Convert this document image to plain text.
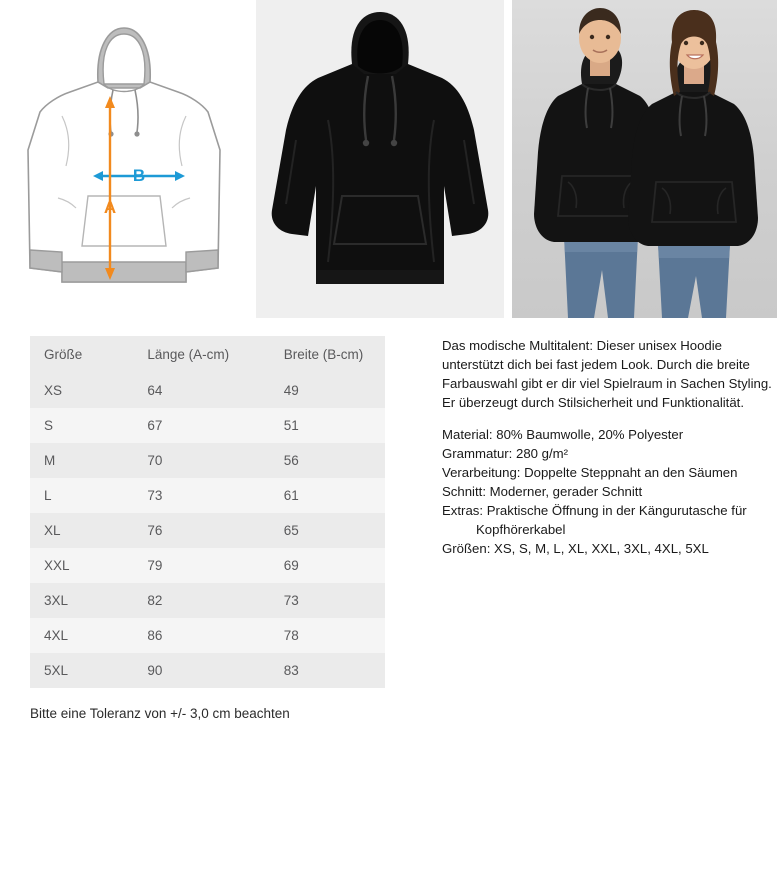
B
A
Größe	Länge (A-cm)	Breite (B-cm)
XS	64	49
S	67	51
M	70	56
L	73	61
XL	76	65
XXL	79	69
3XL	82	73
4XL	86	78
5XL	90	83

Das modische Multitalent: Dieser unisex Hoodie unterstützt dich bei fast jedem Look. Durch die breite Farbauswahl gibt er dir viel Spielraum in Sachen Styling. Er überzeugt durch Stilsicherheit und Funktionalität.

Material: 80% Baumwolle, 20% Polyester
Grammatur: 280 g/m²
Verarbeitung: Doppelte Steppnaht an den Säumen
Schnitt: Moderner, gerader Schnitt
Extras: Praktische Öffnung in der Kängurutasche für
Kopfhörerkabel
Größen: XS, S, M, L, XL, XXL, 3XL, 4XL, 5XL
Bitte eine Toleranz von +/- 3,0 cm beachten
